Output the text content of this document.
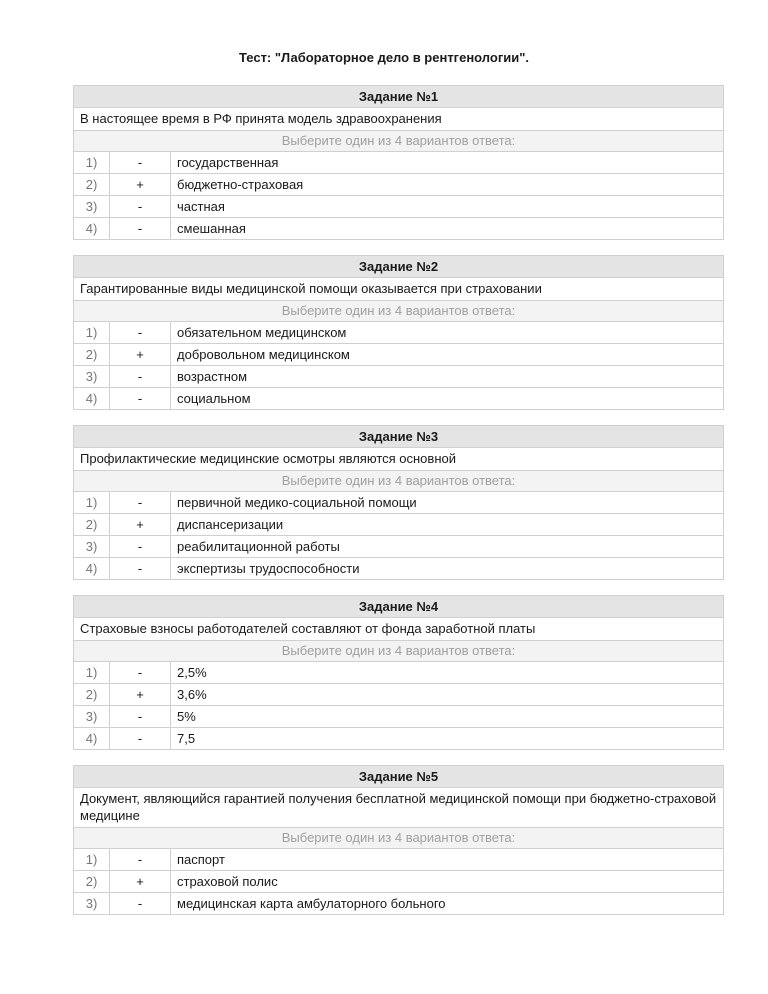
Тест: "Лабораторное дело в рентгенологии".
Задание №1
В настоящее время в РФ принята модель здравоохранения
Выберите один из 4 вариантов ответа:
1)	-	государственная
2)	+	бюджетно-страховая
3)	-	частная
4)	-	смешанная
Задание №2
Гарантированные виды медицинской помощи оказывается при страховании
Выберите один из 4 вариантов ответа:
1)	-	обязательном медицинском
2)	+	добровольном медицинском
3)	-	возрастном
4)	-	социальном
Задание №3
Профилактические медицинские осмотры являются основной
Выберите один из 4 вариантов ответа:
1)	-	первичной медико-социальной помощи
2)	+	диспансеризации
3)	-	реабилитационной работы
4)	-	экспертизы трудоспособности
Задание №4
Страховые взносы работодателей составляют от фонда заработной платы
Выберите один из 4 вариантов ответа:
1)	-	2,5%
2)	+	3,6%
3)	-	5%
4)	-	7,5
Задание №5
Документ, являющийся гарантией получения бесплатной медицинской помощи при бюджетно-страховой медицине
Выберите один из 4 вариантов ответа:
1)	-	паспорт
2)	+	страховой полис
3)	-	медицинская карта амбулаторного больного
